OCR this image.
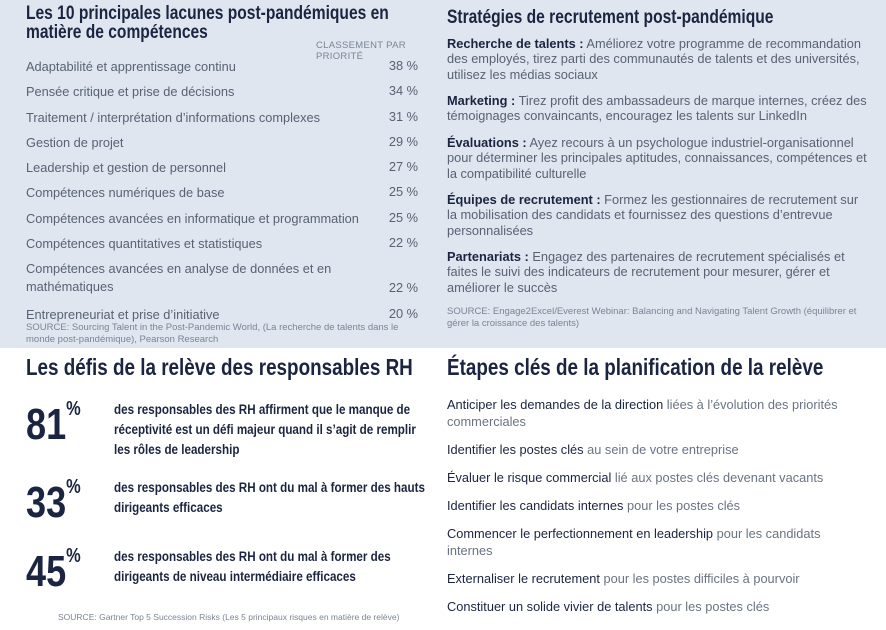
Les 10 principales lacunes post-pandémiques en matière de compétences
CLASSEMENT PAR PRIORITÉ
Adaptabilité et apprentissage continu	38 %
Pensée critique et prise de décisions	34 %
Traitement / interprétation d’informations complexes	31 %
Gestion de projet	29 %
Leadership et gestion de personnel	27 %
Compétences numériques de base	25 %
Compétences avancées en informatique et programmation	25 %
Compétences quantitatives et statistiques	22 %
Compétences avancées en analyse de données et en mathématiques	22 %
Entrepreneuriat et prise d’initiative	20 %

SOURCE: Sourcing Talent in the Post-Pandemic World, (La recherche de talents dans le monde post-pandémique), Pearson Research

Stratégies de recrutement post-pandémique

Recherche de talents : Améliorez votre programme de recommandation des employés, tirez parti des communautés de talents et des universités, utilisez les médias sociaux

Marketing : Tirez profit des ambassadeurs de marque internes, créez des témoignages convaincants, encouragez les talents sur LinkedIn

Évaluations : Ayez recours à un psychologue industriel-organisationnel pour déterminer les principales aptitudes, connaissances, compétences et la compatibilité culturelle

Équipes de recrutement : Formez les gestionnaires de recrutement sur la mobilisation des candidats et fournissez des questions d’entrevue personnalisées

Partenariats : Engagez des partenaires de recrutement spécialisés et faites le suivi des indicateurs de recrutement pour mesurer, gérer et améliorer le succès

SOURCE: Engage2Excel/Everest Webinar: Balancing and Navigating Talent Growth (équilibrer et gérer la croissance des talents)

Les défis de la relève des responsables RH
81% des responsables des RH affirment que le manque de réceptivité est un défi majeur quand il s’agit de remplir les rôles de leadership
33% des responsables des RH ont du mal à former des hauts dirigeants efficaces
45% des responsables des RH ont du mal à former des dirigeants de niveau intermédiaire efficaces

SOURCE: Gartner Top 5 Succession Risks (Les 5 principaux risques en matière de relève)

Étapes clés de la planification de la relève

Anticiper les demandes de la direction liées à l’évolution des priorités commerciales

Identifier les postes clés au sein de votre entreprise

Évaluer le risque commercial lié aux postes clés devenant vacants

Identifier les candidats internes pour les postes clés

Commencer le perfectionnement en leadership pour les candidats internes

Externaliser le recrutement pour les postes difficiles à pourvoir

Constituer un solide vivier de talents pour les postes clés
